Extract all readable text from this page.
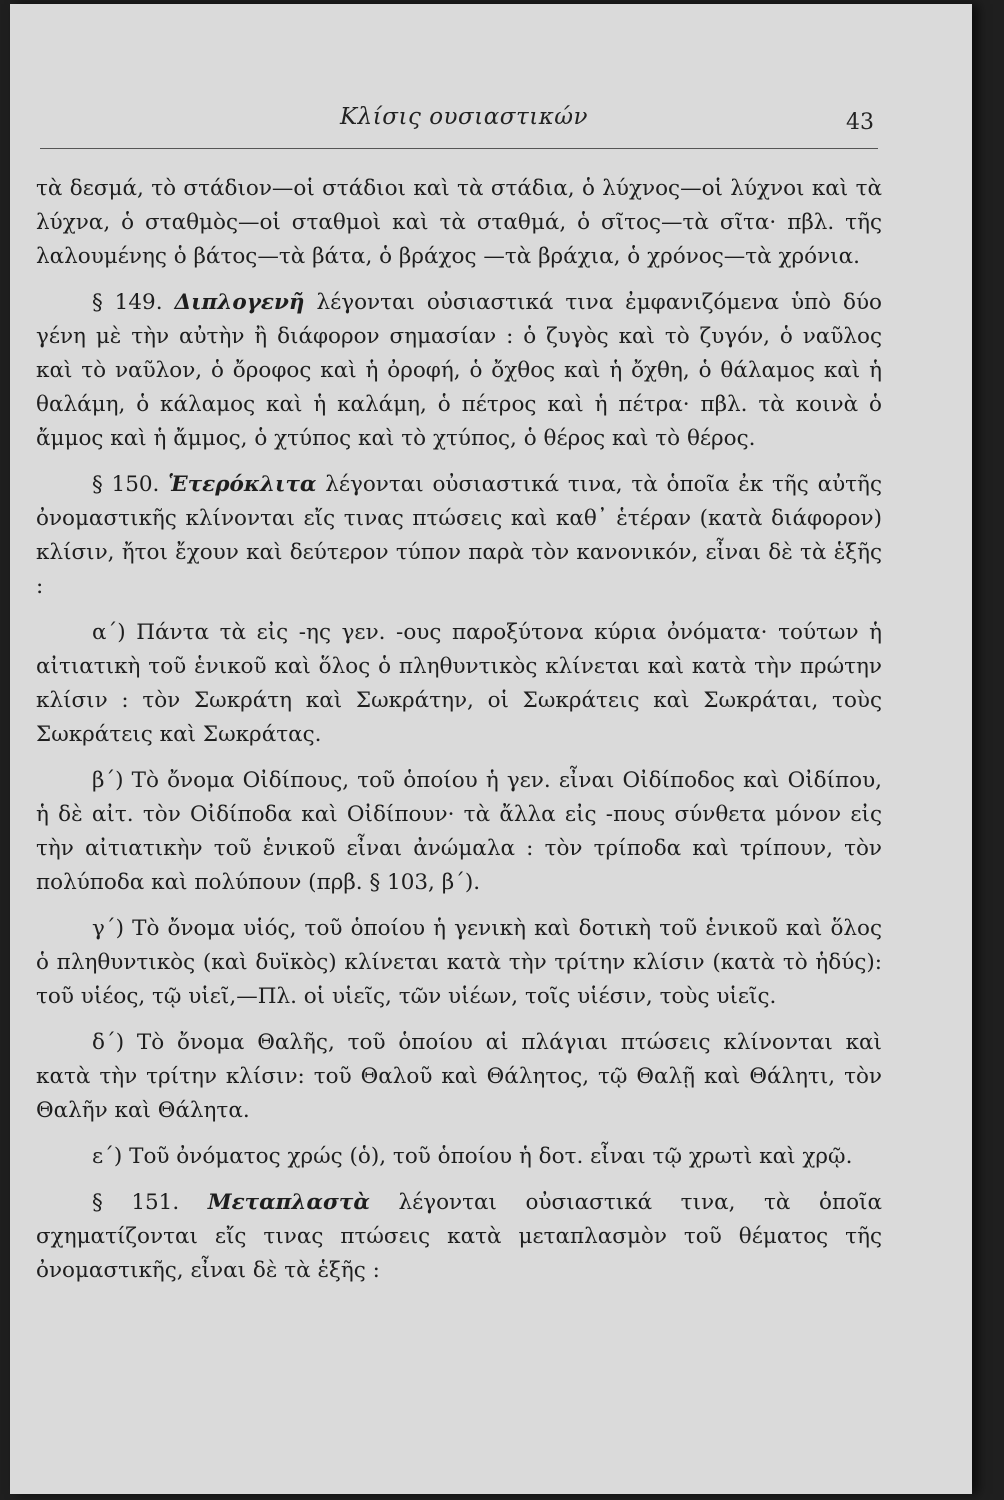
Κλίσις ουσιαστικών	43

τὰ δεσμά, τὸ στάδιον—οἱ στάδιοι καὶ τὰ στάδια, ὁ λύχνος—οἱ λύχνοι καὶ τὰ λύχνα, ὁ σταθμὸς—οἱ σταθμοὶ καὶ τὰ σταθμά, ὁ σῖτος—τὰ σῖτα· πβλ. τῆς λαλουμένης ὁ βάτος—τὰ βάτα, ὁ βράχος —τὰ βράχια, ὁ χρόνος—τὰ χρόνια.

§ 149. Διπλογενῆ λέγονται οὐσιαστικά τινα ἐμφανιζόμενα ὑπὸ δύο γένη μὲ τὴν αὐτὴν ἢ διάφορον σημασίαν : ὁ ζυγὸς καὶ τὸ ζυγόν, ὁ ναῦλος καὶ τὸ ναῦλον, ὁ ὄροφος καὶ ἡ ὀροφή, ὁ ὄχθος καὶ ἡ ὄχθη, ὁ θάλαμος καὶ ἡ θαλάμη, ὁ κάλαμος καὶ ἡ καλάμη, ὁ πέτρος καὶ ἡ πέτρα· πβλ. τὰ κοινὰ ὁ ἄμμος καὶ ἡ ἄμμος, ὁ χτύπος καὶ τὸ χτύπος, ὁ θέρος καὶ τὸ θέρος.

§ 150. Ἑτερόκλιτα λέγονται οὐσιαστικά τινα, τὰ ὁποῖα ἐκ τῆς αὐτῆς ὀνομαστικῆς κλίνονται εἴς τινας πτώσεις καὶ καθ᾽ ἑτέραν (κατὰ διάφορον) κλίσιν, ἤτοι ἔχουν καὶ δεύτερον τύπον παρὰ τὸν κανονικόν, εἶναι δὲ τὰ ἑξῆς :

α΄) Πάντα τὰ εἰς -ης γεν. -ους παροξύτονα κύρια ὀνόματα· τούτων ἡ αἰτιατικὴ τοῦ ἑνικοῦ καὶ ὅλος ὁ πληθυντικὸς κλίνεται καὶ κατὰ τὴν πρώτην κλίσιν : τὸν Σωκράτη καὶ Σωκράτην, οἱ Σωκράτεις καὶ Σωκράται, τοὺς Σωκράτεις καὶ Σωκράτας.

β΄) Τὸ ὄνομα Οἰδίπους, τοῦ ὁποίου ἡ γεν. εἶναι Οἰδίποδος καὶ Οἰδίπου, ἡ δὲ αἰτ. τὸν Οἰδίποδα καὶ Οἰδίπουν· τὰ ἄλλα εἰς -πους σύνθετα μόνον εἰς τὴν αἰτιατικὴν τοῦ ἑνικοῦ εἶναι ἀνώμαλα : τὸν τρίποδα καὶ τρίπουν, τὸν πολύποδα καὶ πολύπουν (πρβ. § 103, β΄).

γ΄) Τὸ ὄνομα υἱός, τοῦ ὁποίου ἡ γενικὴ καὶ δοτικὴ τοῦ ἑνικοῦ καὶ ὅλος ὁ πληθυντικὸς (καὶ δυϊκὸς) κλίνεται κατὰ τὴν τρίτην κλίσιν (κατὰ τὸ ἡδύς): τοῦ υἱέος, τῷ υἱεῖ,—Πλ. οἱ υἱεῖς, τῶν υἱέων, τοῖς υἱέσιν, τοὺς υἱεῖς.

δ΄) Τὸ ὄνομα Θαλῆς, τοῦ ὁποίου αἱ πλάγιαι πτώσεις κλίνονται καὶ κατὰ τὴν τρίτην κλίσιν: τοῦ Θαλοῦ καὶ Θάλητος, τῷ Θαλῇ καὶ Θάλητι, τὸν Θαλῆν καὶ Θάλητα.

ε΄) Τοῦ ὀνόματος χρώς (ὁ), τοῦ ὁποίου ἡ δοτ. εἶναι τῷ χρωτὶ καὶ χρῷ.

§ 151. Μεταπλαστὰ λέγονται οὐσιαστικά τινα, τὰ ὁποῖα σχηματίζονται εἴς τινας πτώσεις κατὰ μεταπλασμὸν τοῦ θέματος τῆς ὀνομαστικῆς, εἶναι δὲ τὰ ἑξῆς :
